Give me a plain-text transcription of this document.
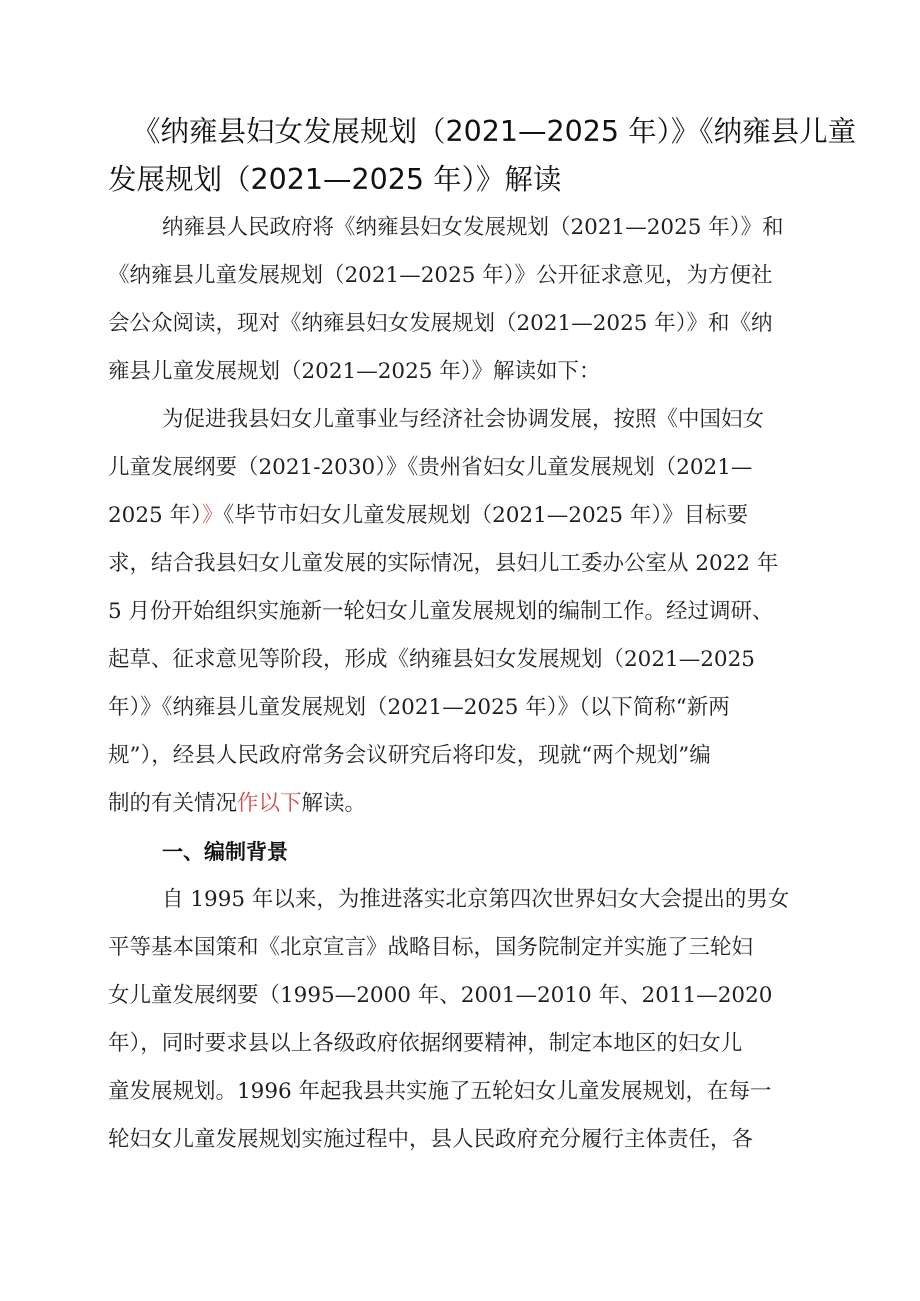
《纳雍县妇女发展规划（2021—2025 年）》《纳雍县儿童
发展规划（2021—2025 年）》解读
纳雍县人民政府将《纳雍县妇女发展规划（2021—2025 年）》和
《纳雍县儿童发展规划（2021—2025 年）》公开征求意见，为方便社
会公众阅读，现对《纳雍县妇女发展规划（2021—2025 年）》和《纳
雍县儿童发展规划（2021—2025 年）》解读如下：
为促进我县妇女儿童事业与经济社会协调发展，按照《中国妇女
儿童发展纲要（2021-2030）》《贵州省妇女儿童发展规划（2021—
2025 年）》《毕节市妇女儿童发展规划（2021—2025 年）》目标要
求，结合我县妇女儿童发展的实际情况，县妇儿工委办公室从 2022 年
5 月份开始组织实施新一轮妇女儿童发展规划的编制工作。经过调研、
起草、征求意见等阶段，形成《纳雍县妇女发展规划（2021—2025
年）》《纳雍县儿童发展规划（2021—2025 年）》（以下简称“新两
规”），经县人民政府常务会议研究后将印发，现就“两个规划”编
制的有关情况作以下解读。
一、编制背景
自 1995 年以来，为推进落实北京第四次世界妇女大会提出的男女
平等基本国策和《北京宣言》战略目标，国务院制定并实施了三轮妇
女儿童发展纲要（1995—2000 年、2001—2010 年、2011—2020
年），同时要求县以上各级政府依据纲要精神，制定本地区的妇女儿
童发展规划。1996 年起我县共实施了五轮妇女儿童发展规划，在每一
轮妇女儿童发展规划实施过程中，县人民政府充分履行主体责任，各
